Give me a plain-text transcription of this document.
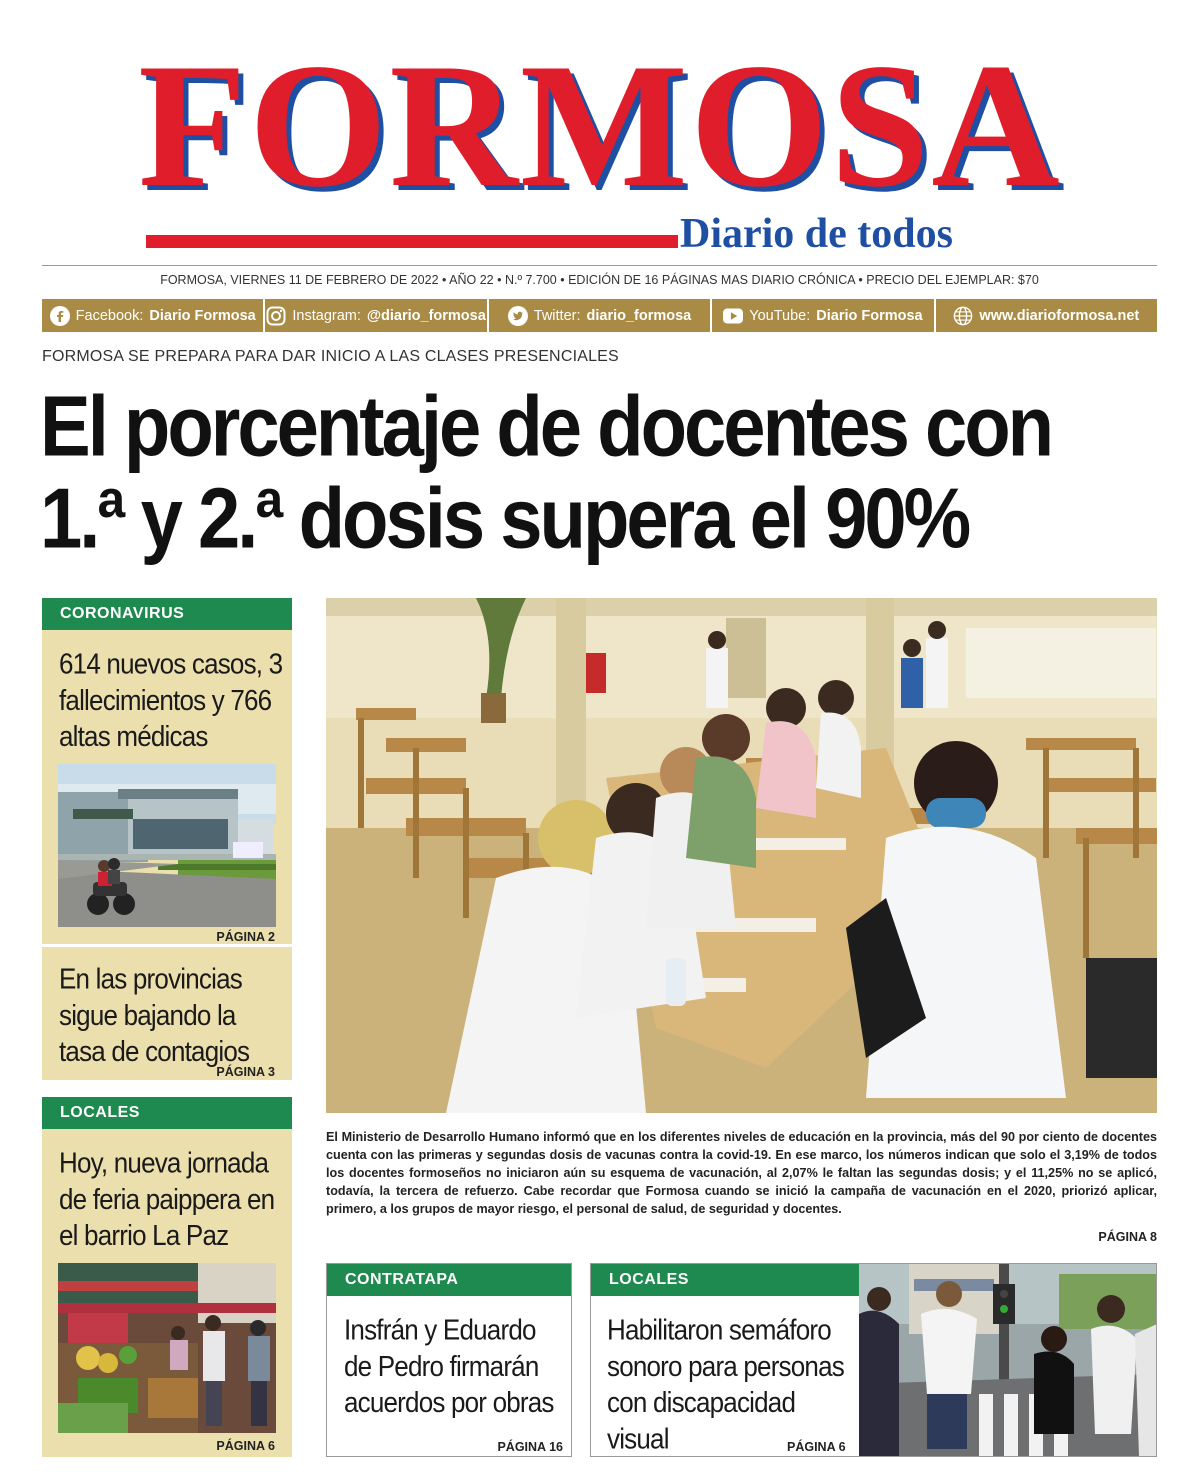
FORMOSA
Diario de todos
FORMOSA, VIERNES 11 DE FEBRERO DE 2022 • AÑO 22 • N.º 7.700 • EDICIÓN DE 16 PÁGINAS MAS DIARIO CRÓNICA • PRECIO DEL EJEMPLAR: $70
Facebook: Diario Formosa	Instagram: @diario_formosa	Twitter: diario_formosa	YouTube: Diario Formosa	www.diarioformosa.net
FORMOSA SE PREPARA PARA DAR INICIO A LAS CLASES PRESENCIALES
El porcentaje de docentes con
1.ª y 2.ª dosis supera el 90%
CORONAVIRUS
614 nuevos casos, 3 fallecimientos y 766 altas médicas
PÁGINA 2
En las provincias sigue bajando la tasa de contagios
PÁGINA 3
LOCALES
Hoy, nueva jornada de feria paippera en el barrio La Paz
PÁGINA 6
El Ministerio de Desarrollo Humano informó que en los diferentes niveles de educación en la provincia, más del 90 por ciento de docentes cuenta con las primeras y segundas dosis de vacunas contra la covid-19. En ese marco, los números indican que solo el 3,19% de todos los docentes formoseños no iniciaron aún su esquema de vacunación, al 2,07% le faltan las segundas dosis; y el 11,25% no se aplicó, todavía, la tercera de refuerzo. Cabe recordar que Formosa cuando se inició la campaña de vacunación en el 2020, priorizó aplicar, primero, a los grupos de mayor riesgo, el personal de salud, de seguridad y docentes.
PÁGINA 8
CONTRATAPA
Insfrán y Eduardo de Pedro firmarán acuerdos por obras
PÁGINA 16
LOCALES
Habilitaron semáforo sonoro para personas con discapacidad visual	PÁGINA 6
